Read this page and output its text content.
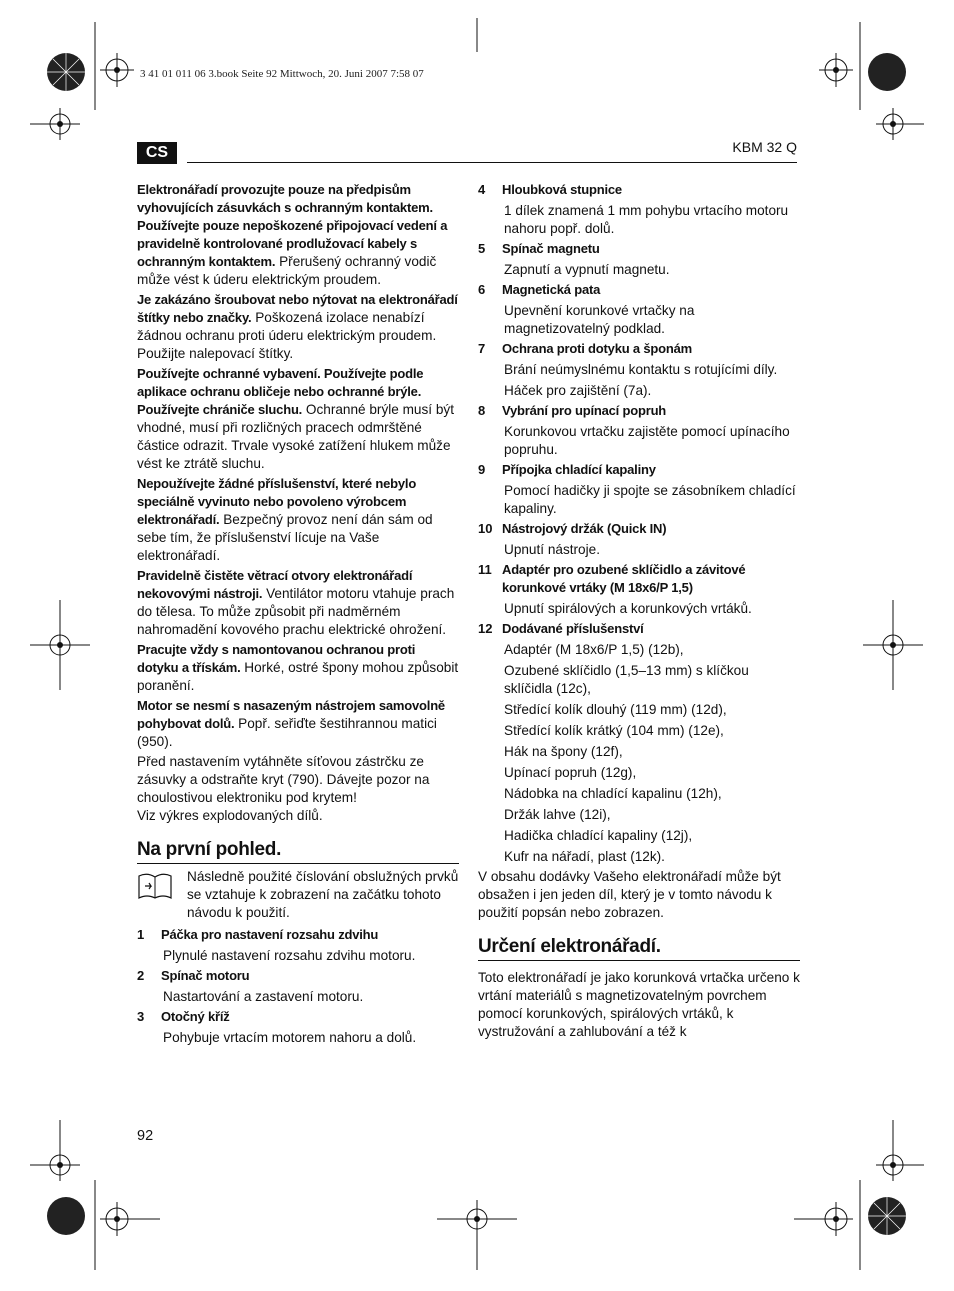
3 41 01 011 06 3.book Seite 92 Mittwoch, 20. Juni 2007 7:58 07
CS	KBM 32 Q

Elektronářadí provozujte pouze na předpisům vyhovujících zásuvkách s ochranným kontaktem. Používejte pouze nepoškozené připojovací vedení a pravidelně kontrolované prodlužovací kabely s ochranným kontaktem. Přerušený ochranný vodič může vést k úderu elektrickým proudem.

Je zakázáno šroubovat nebo nýtovat na elektronářadí štítky nebo značky. Poškozená izolace nenabízí žádnou ochranu proti úderu elektrickým proudem. Použijte nalepovací štítky.

Používejte ochranné vybavení. Používejte podle aplikace ochranu obličeje nebo ochranné brýle. Používejte chrániče sluchu. Ochranné brýle musí být vhodné, musí při rozličných pracech odmrštěné částice odrazit. Trvale vysoké zatížení hlukem může vést ke ztrátě sluchu.

Nepoužívejte žádné příslušenství, které nebylo speciálně vyvinuto nebo povoleno výrobcem elektronářadí. Bezpečný provoz není dán sám od sebe tím, že příslušenství lícuje na Vaše elektronářadí.

Pravidelně čistěte větrací otvory elektronářadí nekovovými nástroji. Ventilátor motoru vtahuje prach do tělesa. To může způsobit při nadměrném nahromadění kovového prachu elektrické ohrožení.

Pracujte vždy s namontovanou ochranou proti dotyku a třískám. Horké, ostré špony mohou způsobit poranění.

Motor se nesmí s nasazeným nástrojem samovolně pohybovat dolů. Popř. seřiďte šestihrannou matici (950).

Před nastavením vytáhněte síťovou zástrčku ze zásuvky a odstraňte kryt (790). Dávejte pozor na choulostivou elektroniku pod krytem!

Viz výkres explodovaných dílů.

Na první pohled.

Následně použité číslování obslužných prvků se vztahuje k zobrazení na začátku tohoto návodu k použití.

1	Páčka pro nastavení rozsahu zdvihu
Plynulé nastavení rozsahu zdvihu motoru.
2	Spínač motoru
Nastartování a zastavení motoru.
3	Otočný kříž
Pohybuje vrtacím motorem nahoru a dolů.
4	Hloubková stupnice
1 dílek znamená 1 mm pohybu vrtacího motoru nahoru popř. dolů.
5	Spínač magnetu
Zapnutí a vypnutí magnetu.
6	Magnetická pata
Upevnění korunkové vrtačky na magnetizovatelný podklad.
7	Ochrana proti dotyku a šponám
Brání neúmyslnému kontaktu s rotujícími díly.
Háček pro zajištění (7a).
8	Vybrání pro upínací popruh
Korunkovou vrtačku zajistěte pomocí upínacího popruhu.
9	Přípojka chladící kapaliny
Pomocí hadičky ji spojte se zásobníkem chladící kapaliny.
10 Nástrojový držák (Quick IN)
Upnutí nástroje.
11 Adaptér pro ozubené sklíčidlo a závitové korunkové vrtáky (M 18x6/P 1,5)
Upnutí spirálových a korunkových vrtáků.
12 Dodávané příslušenství
Adaptér (M 18x6/P 1,5) (12b),
Ozubené sklíčidlo (1,5–13 mm) s klíčkou sklíčidla (12c),
Středící kolík dlouhý (119 mm) (12d),
Středící kolík krátký (104 mm) (12e),
Hák na špony (12f),
Upínací popruh (12g),
Nádobka na chladící kapalinu (12h),
Držák lahve (12i),
Hadička chladící kapaliny (12j),
Kufr na nářadí, plast (12k).

V obsahu dodávky Vašeho elektronářadí může být obsažen i jen jeden díl, který je v tomto návodu k použití popsán nebo zobrazen.

Určení elektronářadí.

Toto elektronářadí je jako korunková vrtačka určeno k vrtání materiálů s magnetizovatelným povrchem pomocí korunkových, spirálových vrtáků, k vystružování a zahlubování a též k

92
